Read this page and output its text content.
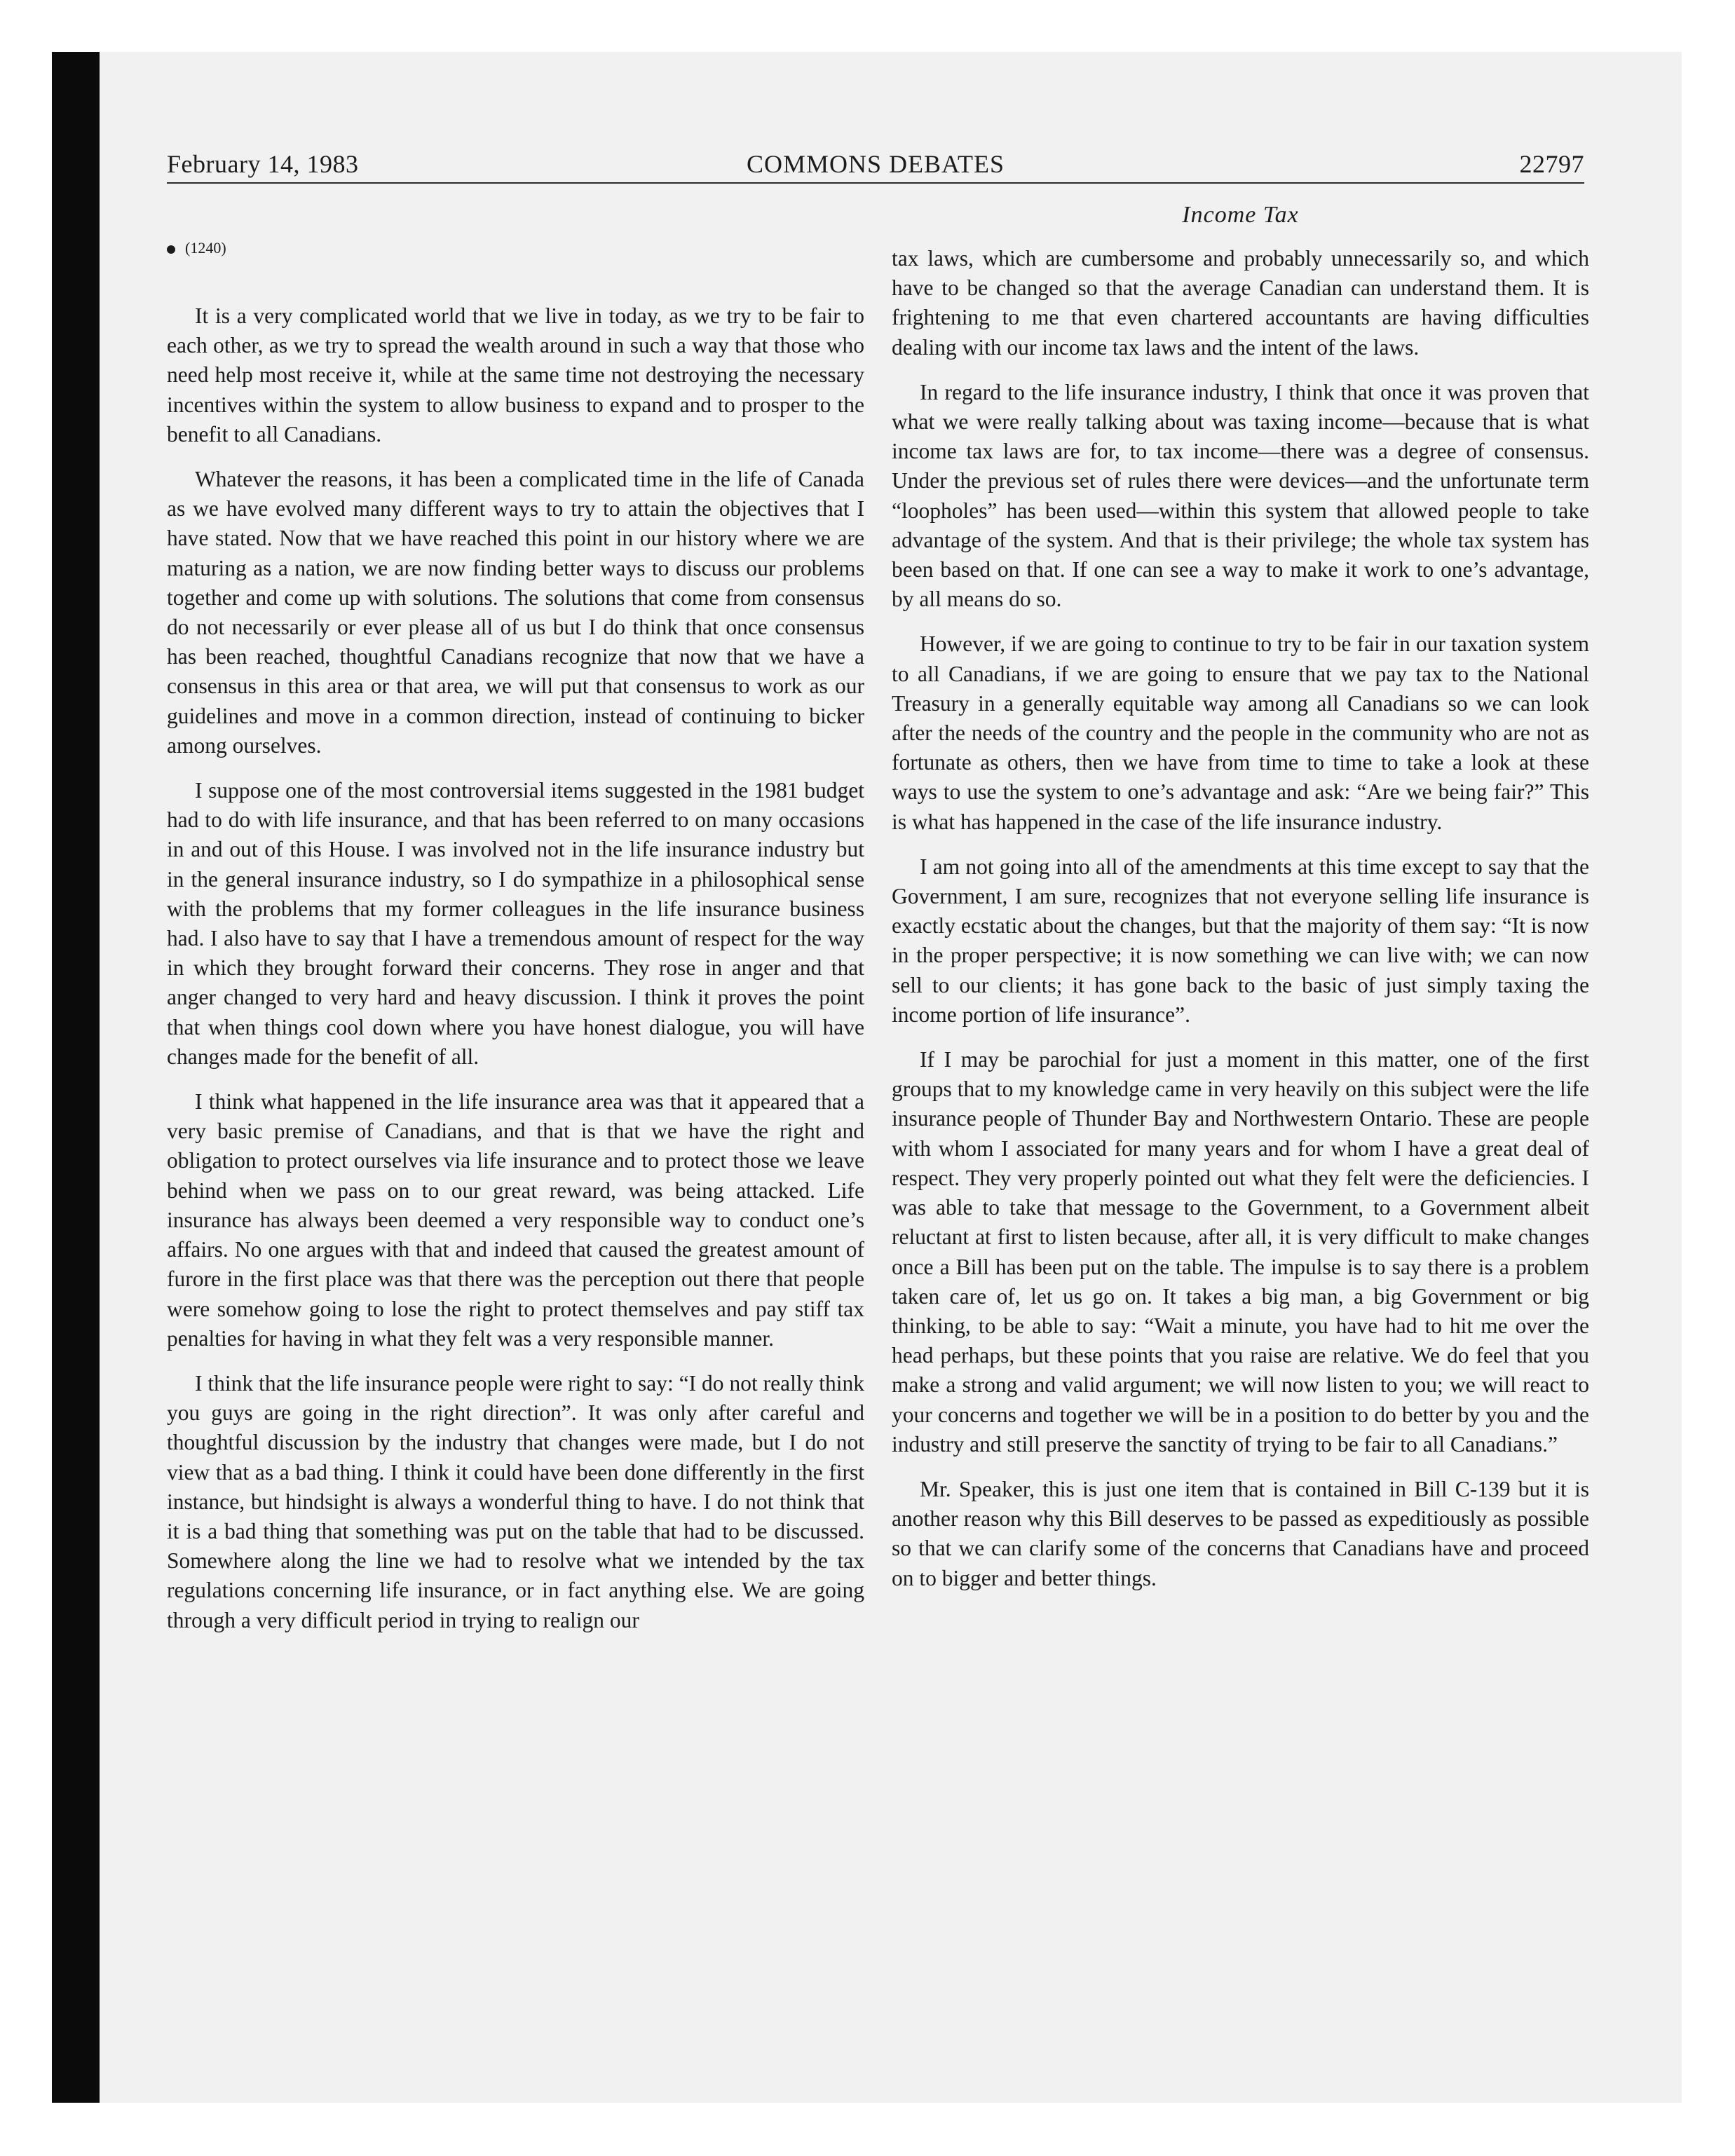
February 14, 1983	COMMONS DEBATES	22797
Income Tax
(1240)

It is a very complicated world that we live in today, as we try to be fair to each other, as we try to spread the wealth around in such a way that those who need help most receive it, while at the same time not destroying the necessary incentives within the system to allow business to expand and to prosper to the benefit to all Canadians.

Whatever the reasons, it has been a complicated time in the life of Canada as we have evolved many different ways to try to attain the objectives that I have stated. Now that we have reached this point in our history where we are maturing as a nation, we are now finding better ways to discuss our problems together and come up with solutions. The solutions that come from consensus do not necessarily or ever please all of us but I do think that once consensus has been reached, thoughtful Canadians recognize that now that we have a consensus in this area or that area, we will put that consensus to work as our guidelines and move in a common direction, instead of continuing to bicker among ourselves.

I suppose one of the most controversial items suggested in the 1981 budget had to do with life insurance, and that has been referred to on many occasions in and out of this House. I was involved not in the life insurance industry but in the general insurance industry, so I do sympathize in a philosophical sense with the problems that my former colleagues in the life insurance business had. I also have to say that I have a tremendous amount of respect for the way in which they brought forward their concerns. They rose in anger and that anger changed to very hard and heavy discussion. I think it proves the point that when things cool down where you have honest dialogue, you will have changes made for the benefit of all.

I think what happened in the life insurance area was that it appeared that a very basic premise of Canadians, and that is that we have the right and obligation to protect ourselves via life insurance and to protect those we leave behind when we pass on to our great reward, was being attacked. Life insurance has always been deemed a very responsible way to conduct one’s affairs. No one argues with that and indeed that caused the greatest amount of furore in the first place was that there was the perception out there that people were somehow going to lose the right to protect themselves and pay stiff tax penalties for having in what they felt was a very responsible manner.

I think that the life insurance people were right to say: “I do not really think you guys are going in the right direction”. It was only after careful and thoughtful discussion by the industry that changes were made, but I do not view that as a bad thing. I think it could have been done differently in the first instance, but hindsight is always a wonderful thing to have. I do not think that it is a bad thing that something was put on the table that had to be discussed. Somewhere along the line we had to resolve what we intended by the tax regulations concerning life insurance, or in fact anything else. We are going through a very difficult period in trying to realign our

tax laws, which are cumbersome and probably unnecessarily so, and which have to be changed so that the average Canadian can understand them. It is frightening to me that even chartered accountants are having difficulties dealing with our income tax laws and the intent of the laws.

In regard to the life insurance industry, I think that once it was proven that what we were really talking about was taxing income—because that is what income tax laws are for, to tax income—there was a degree of consensus. Under the previous set of rules there were devices—and the unfortunate term “loopholes” has been used—within this system that allowed people to take advantage of the system. And that is their privilege; the whole tax system has been based on that. If one can see a way to make it work to one’s advantage, by all means do so.

However, if we are going to continue to try to be fair in our taxation system to all Canadians, if we are going to ensure that we pay tax to the National Treasury in a generally equitable way among all Canadians so we can look after the needs of the country and the people in the community who are not as fortunate as others, then we have from time to time to take a look at these ways to use the system to one’s advantage and ask: “Are we being fair?” This is what has happened in the case of the life insurance industry.

I am not going into all of the amendments at this time except to say that the Government, I am sure, recognizes that not everyone selling life insurance is exactly ecstatic about the changes, but that the majority of them say: “It is now in the proper perspective; it is now something we can live with; we can now sell to our clients; it has gone back to the basic of just simply taxing the income portion of life insurance”.

If I may be parochial for just a moment in this matter, one of the first groups that to my knowledge came in very heavily on this subject were the life insurance people of Thunder Bay and Northwestern Ontario. These are people with whom I associated for many years and for whom I have a great deal of respect. They very properly pointed out what they felt were the deficiencies. I was able to take that message to the Government, to a Government albeit reluctant at first to listen because, after all, it is very difficult to make changes once a Bill has been put on the table. The impulse is to say there is a problem taken care of, let us go on. It takes a big man, a big Government or big thinking, to be able to say: “Wait a minute, you have had to hit me over the head perhaps, but these points that you raise are relative. We do feel that you make a strong and valid argument; we will now listen to you; we will react to your concerns and together we will be in a position to do better by you and the industry and still preserve the sanctity of trying to be fair to all Canadians.”

Mr. Speaker, this is just one item that is contained in Bill C-139 but it is another reason why this Bill deserves to be passed as expeditiously as possible so that we can clarify some of the concerns that Canadians have and proceed on to bigger and better things.
